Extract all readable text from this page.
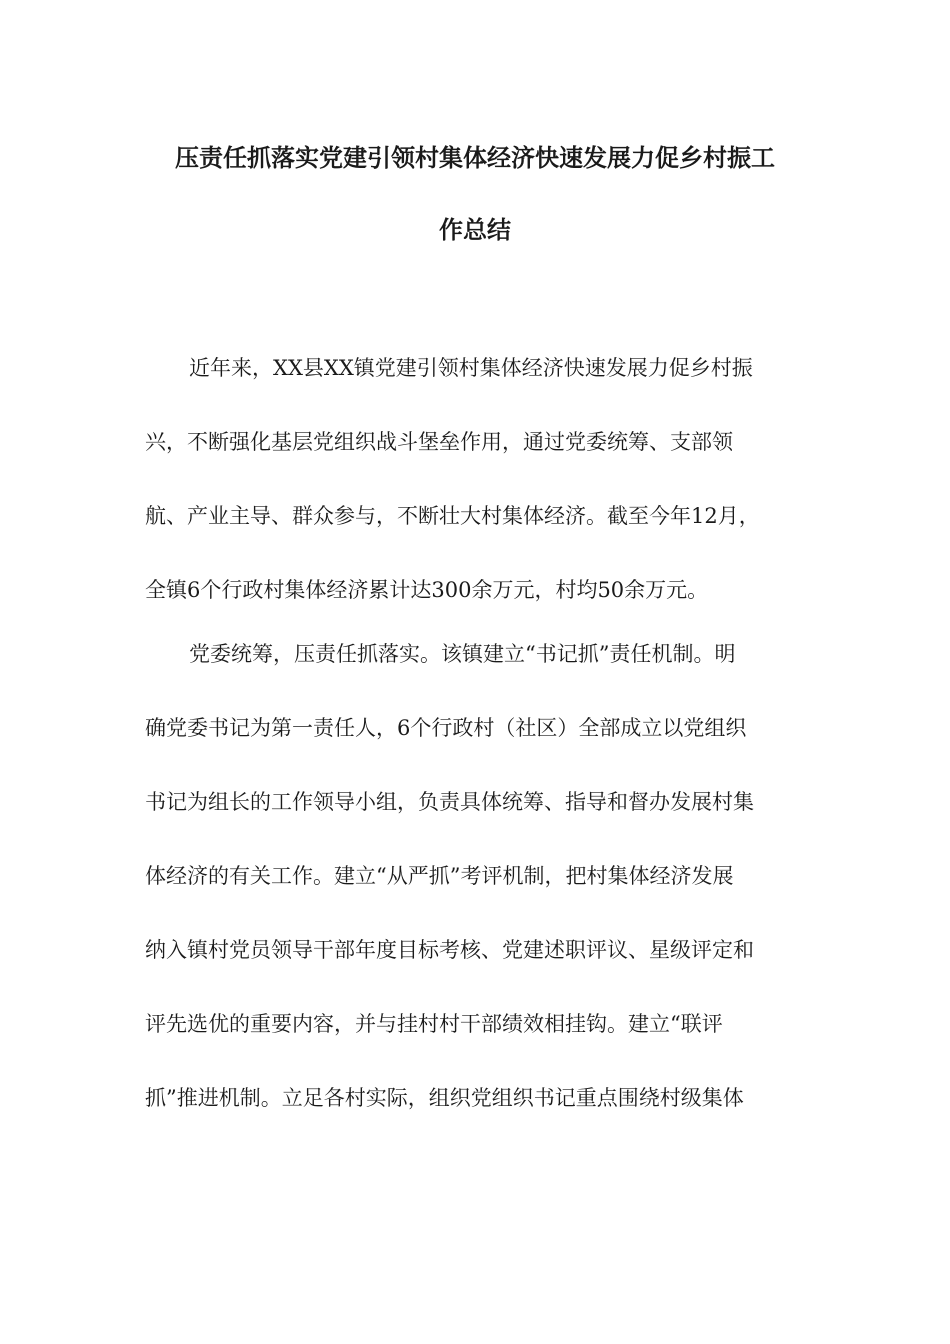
压责任抓落实党建引领村集体经济快速发展力促乡村振工
作总结

近年来，XX县XX镇党建引领村集体经济快速发展力促乡村振

兴，不断强化基层党组织战斗堡垒作用，通过党委统筹、支部领

航、产业主导、群众参与，不断壮大村集体经济。截至今年12月，

全镇6个行政村集体经济累计达300余万元，村均50余万元。

党委统筹，压责任抓落实。该镇建立“书记抓”责任机制。明

确党委书记为第一责任人，6个行政村（社区）全部成立以党组织

书记为组长的工作领导小组，负责具体统筹、指导和督办发展村集

体经济的有关工作。建立“从严抓”考评机制，把村集体经济发展

纳入镇村党员领导干部年度目标考核、党建述职评议、星级评定和

评先选优的重要内容，并与挂村村干部绩效相挂钩。建立“联评

抓”推进机制。立足各村实际，组织党组织书记重点围绕村级集体
